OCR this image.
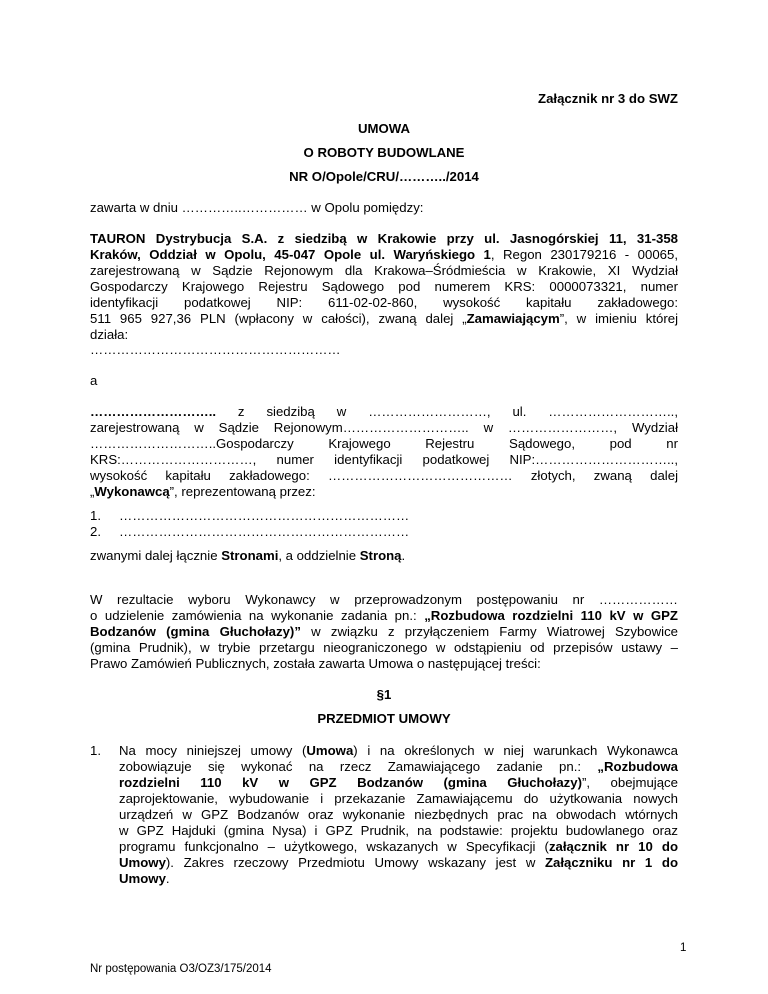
Załącznik nr 3 do SWZ
UMOWA
O ROBOTY BUDOWLANE
NR O/Opole/CRU/………../2014
zawarta w dniu …………..…………… w Opolu pomiędzy:
TAURON Dystrybucja S.A. z siedzibą w Krakowie przy ul. Jasnogórskiej 11, 31-358
Kraków, Oddział w Opolu, 45-047 Opole ul. Waryńskiego 1, Regon 230179216 - 00065,
zarejestrowaną w Sądzie Rejonowym dla Krakowa–Śródmieścia w Krakowie, XI Wydział
Gospodarczy Krajowego Rejestru Sądowego pod numerem KRS: 0000073321, numer
identyfikacji podatkowej NIP: 611-02-02-860, wysokość kapitału zakładowego:
511 965 927,36 PLN (wpłacony w całości), zwaną dalej „Zamawiającym”, w imieniu której
działa:
…………………………………………………
a
……………………….. z siedzibą w ………………………, ul. ………………………..,
zarejestrowaną w Sądzie Rejonowym……………………….. w ……………………, Wydział
………………………..Gospodarczy Krajowego Rejestru Sądowego, pod nr
KRS:…………………………, numer identyfikacji podatkowej NIP:…………………………..,
wysokość kapitału zakładowego: …………………………………… złotych, zwaną dalej
„Wykonawcą”, reprezentowaną przez:
1. …………………………………………………………
2. …………………………………………………………
zwanymi dalej łącznie Stronami, a oddzielnie Stroną.
W rezultacie wyboru Wykonawcy w przeprowadzonym postępowaniu nr ………………
o udzielenie zamówienia na wykonanie zadania pn.: „Rozbudowa rozdzielni 110 kV w GPZ
Bodzanów (gmina Głuchołazy)” w związku z przyłączeniem Farmy Wiatrowej Szybowice
(gmina Prudnik), w trybie przetargu nieograniczonego w odstąpieniu od przepisów ustawy –
Prawo Zamówień Publicznych, została zawarta Umowa o następującej treści:
§1
PRZEDMIOT UMOWY
1. Na mocy niniejszej umowy (Umowa) i na określonych w niej warunkach Wykonawca
zobowiązuje się wykonać na rzecz Zamawiającego zadanie pn.: „Rozbudowa
rozdzielni 110 kV w GPZ Bodzanów (gmina Głuchołazy)”, obejmujące
zaprojektowanie, wybudowanie i przekazanie Zamawiającemu do użytkowania nowych
urządzeń w GPZ Bodzanów oraz wykonanie niezbędnych prac na obwodach wtórnych
w GPZ Hajduki (gmina Nysa) i GPZ Prudnik, na podstawie: projektu budowlanego oraz
programu funkcjonalno – użytkowego, wskazanych w Specyfikacji (załącznik nr 10 do
Umowy). Zakres rzeczowy Przedmiotu Umowy wskazany jest w Załączniku nr 1 do
Umowy.
1
Nr postępowania O3/OZ3/175/2014
